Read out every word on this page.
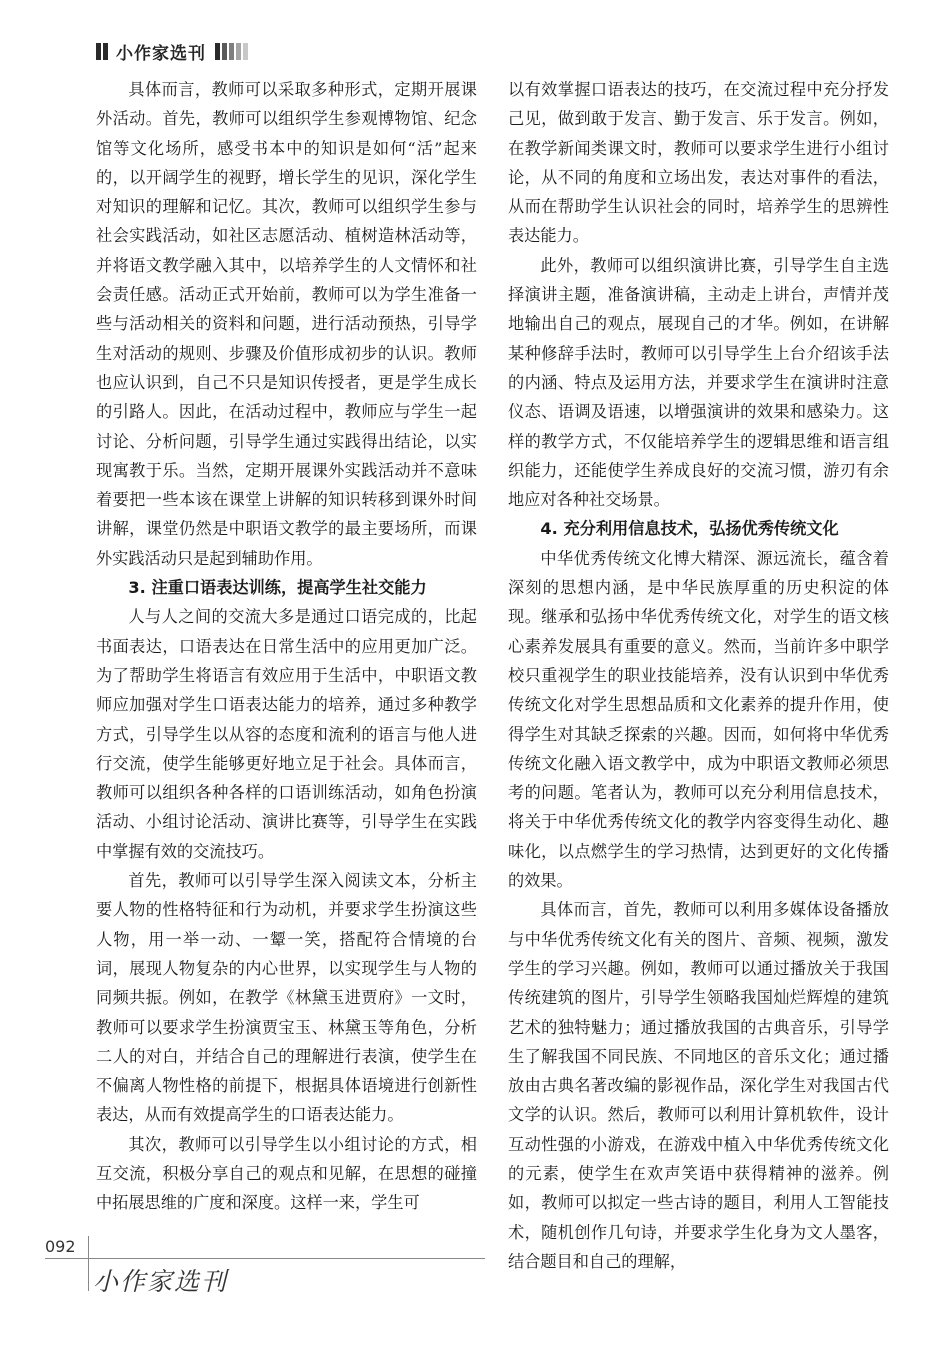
小作家选刊

具体而言，教师可以采取多种形式，定期开展课外活动。首先，教师可以组织学生参观博物馆、纪念馆等文化场所，感受书本中的知识是如何“活”起来的，以开阔学生的视野，增长学生的见识，深化学生对知识的理解和记忆。其次，教师可以组织学生参与社会实践活动，如社区志愿活动、植树造林活动等，并将语文教学融入其中，以培养学生的人文情怀和社会责任感。活动正式开始前，教师可以为学生准备一些与活动相关的资料和问题，进行活动预热，引导学生对活动的规则、步骤及价值形成初步的认识。教师也应认识到，自己不只是知识传授者，更是学生成长的引路人。因此，在活动过程中，教师应与学生一起讨论、分析问题，引导学生通过实践得出结论，以实现寓教于乐。当然，定期开展课外实践活动并不意味着要把一些本该在课堂上讲解的知识转移到课外时间讲解，课堂仍然是中职语文教学的最主要场所，而课外实践活动只是起到辅助作用。

3. 注重口语表达训练，提高学生社交能力

人与人之间的交流大多是通过口语完成的，比起书面表达，口语表达在日常生活中的应用更加广泛。为了帮助学生将语言有效应用于生活中，中职语文教师应加强对学生口语表达能力的培养，通过多种教学方式，引导学生以从容的态度和流利的语言与他人进行交流，使学生能够更好地立足于社会。具体而言，教师可以组织各种各样的口语训练活动，如角色扮演活动、小组讨论活动、演讲比赛等，引导学生在实践中掌握有效的交流技巧。

首先，教师可以引导学生深入阅读文本，分析主要人物的性格特征和行为动机，并要求学生扮演这些人物，用一举一动、一颦一笑，搭配符合情境的台词，展现人物复杂的内心世界，以实现学生与人物的同频共振。例如，在教学《林黛玉进贾府》一文时，教师可以要求学生扮演贾宝玉、林黛玉等角色，分析二人的对白，并结合自己的理解进行表演，使学生在不偏离人物性格的前提下，根据具体语境进行创新性表达，从而有效提高学生的口语表达能力。

其次，教师可以引导学生以小组讨论的方式，相互交流，积极分享自己的观点和见解，在思想的碰撞中拓展思维的广度和深度。这样一来，学生可

以有效掌握口语表达的技巧，在交流过程中充分抒发己见，做到敢于发言、勤于发言、乐于发言。例如，在教学新闻类课文时，教师可以要求学生进行小组讨论，从不同的角度和立场出发，表达对事件的看法，从而在帮助学生认识社会的同时，培养学生的思辨性表达能力。

此外，教师可以组织演讲比赛，引导学生自主选择演讲主题，准备演讲稿，主动走上讲台，声情并茂地输出自己的观点，展现自己的才华。例如，在讲解某种修辞手法时，教师可以引导学生上台介绍该手法的内涵、特点及运用方法，并要求学生在演讲时注意仪态、语调及语速，以增强演讲的效果和感染力。这样的教学方式，不仅能培养学生的逻辑思维和语言组织能力，还能使学生养成良好的交流习惯，游刃有余地应对各种社交场景。

4. 充分利用信息技术，弘扬优秀传统文化

中华优秀传统文化博大精深、源远流长，蕴含着深刻的思想内涵，是中华民族厚重的历史积淀的体现。继承和弘扬中华优秀传统文化，对学生的语文核心素养发展具有重要的意义。然而，当前许多中职学校只重视学生的职业技能培养，没有认识到中华优秀传统文化对学生思想品质和文化素养的提升作用，使得学生对其缺乏探索的兴趣。因而，如何将中华优秀传统文化融入语文教学中，成为中职语文教师必须思考的问题。笔者认为，教师可以充分利用信息技术，将关于中华优秀传统文化的教学内容变得生动化、趣味化，以点燃学生的学习热情，达到更好的文化传播的效果。

具体而言，首先，教师可以利用多媒体设备播放与中华优秀传统文化有关的图片、音频、视频，激发学生的学习兴趣。例如，教师可以通过播放关于我国传统建筑的图片，引导学生领略我国灿烂辉煌的建筑艺术的独特魅力；通过播放我国的古典音乐，引导学生了解我国不同民族、不同地区的音乐文化；通过播放由古典名著改编的影视作品，深化学生对我国古代文学的认识。然后，教师可以利用计算机软件，设计互动性强的小游戏，在游戏中植入中华优秀传统文化的元素，使学生在欢声笑语中获得精神的滋养。例如，教师可以拟定一些古诗的题目，利用人工智能技术，随机创作几句诗，并要求学生化身为文人墨客，结合题目和自己的理解，

092
小作家选刊
